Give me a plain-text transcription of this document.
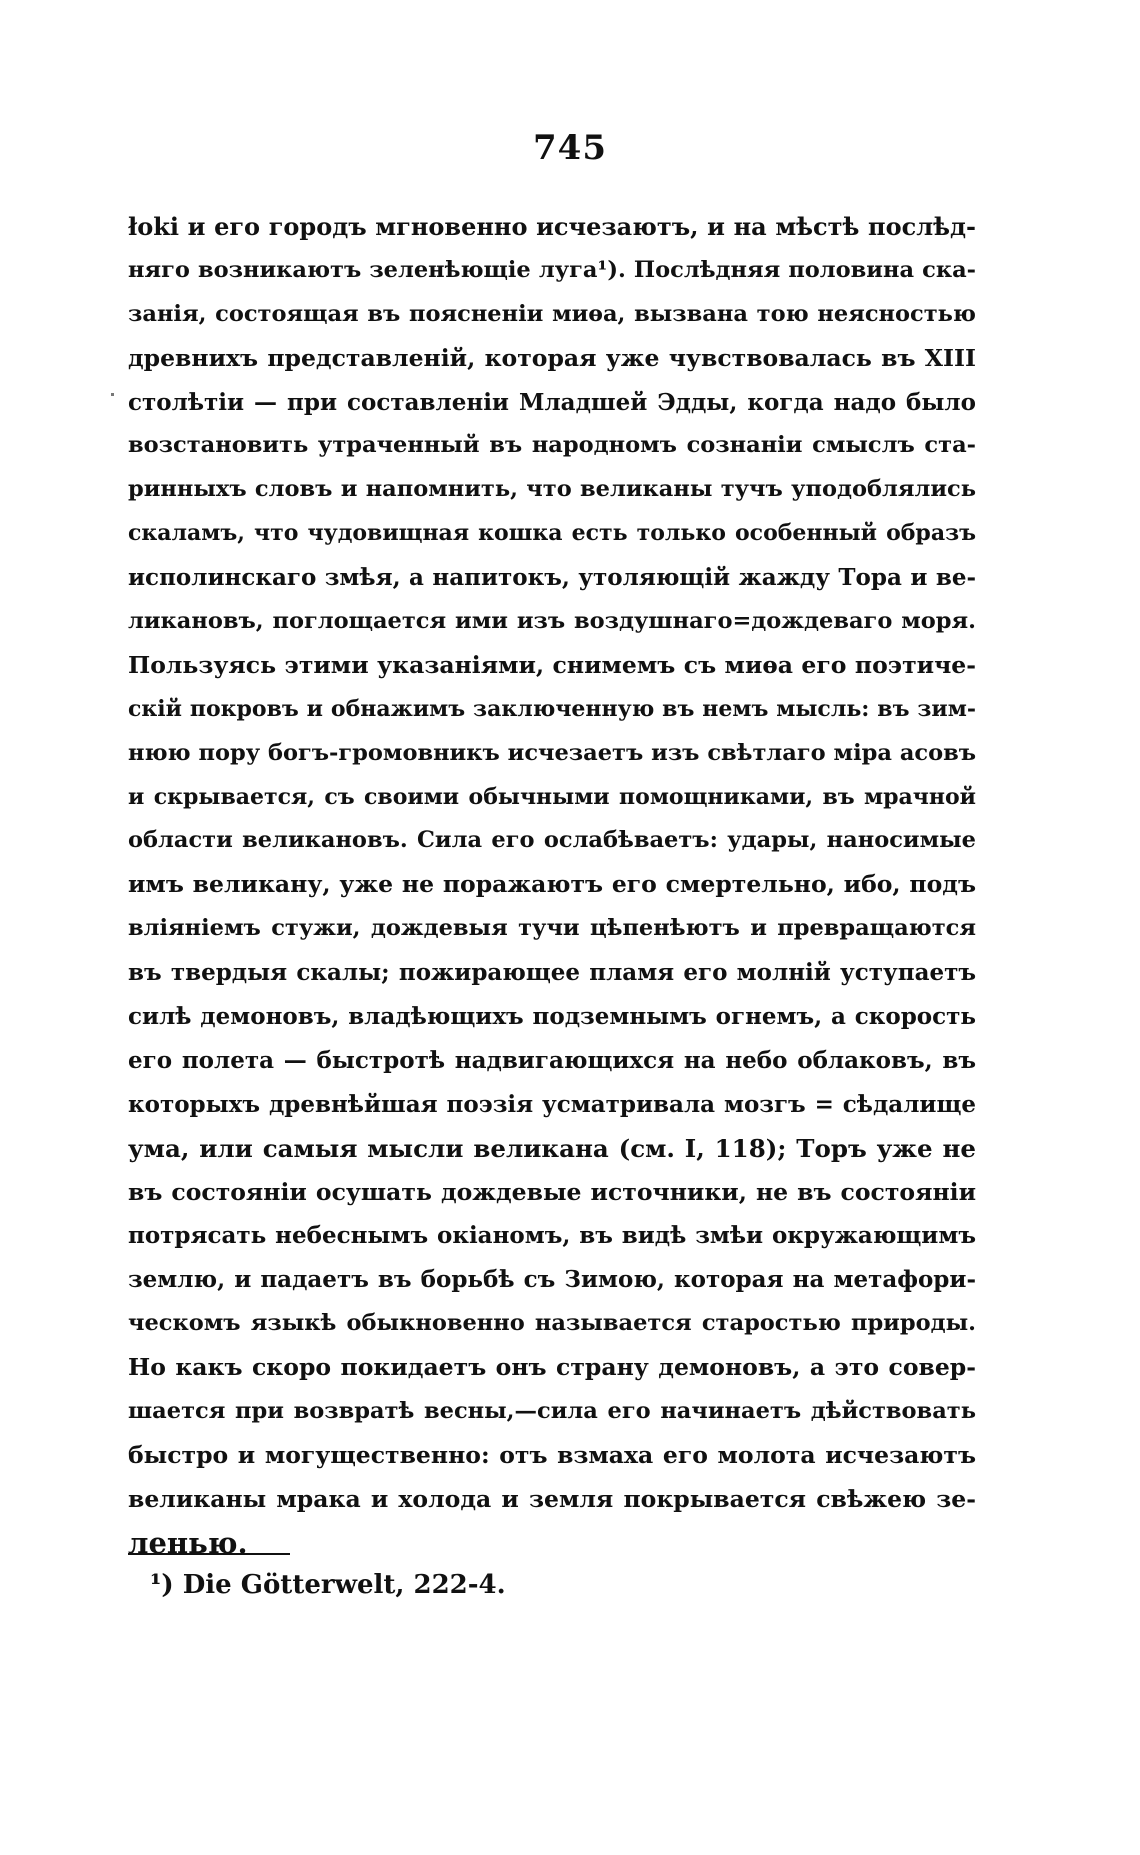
745
łoki и его городъ мгновенно исчезаютъ, и на мѣстѣ послѣд-
няго возникаютъ зеленѣющіе луга¹). Послѣдняя половина ска-
занія, состоящая въ поясненіи миѳа, вызвана тою неясностью
древнихъ представленій, которая уже чувствовалась въ XIII
столѣтіи — при составленіи Младшей Эдды, когда надо было
возстановить утраченный въ народномъ сознаніи смыслъ ста-
ринныхъ словъ и напомнить, что великаны тучъ уподоблялись
скаламъ, что чудовищная кошка есть только особенный образъ
исполинскаго змѣя, а напитокъ, утоляющій жажду Тора и ве-
ликановъ, поглощается ими изъ воздушнаго=дождеваго моря.
Пользуясь этими указаніями, снимемъ съ миѳа его поэтиче-
скій покровъ и обнажимъ заключенную въ немъ мысль: въ зим-
нюю пору богъ-громовникъ исчезаетъ изъ свѣтлаго міра асовъ
и скрывается, съ своими обычными помощниками, въ мрачной
области великановъ. Сила его ослабѣваетъ: удары, наносимые
имъ великану, уже не поражаютъ его смертельно, ибо, подъ
вліяніемъ стужи, дождевыя тучи цѣпенѣютъ и превращаются
въ твердыя скалы; пожирающее пламя его молній уступаетъ
силѣ демоновъ, владѣющихъ подземнымъ огнемъ, а скорость
его полета — быстротѣ надвигающихся на небо облаковъ, въ
которыхъ древнѣйшая поэзія усматривала мозгъ = сѣдалище
ума, или самыя мысли великана (см. I, 118); Торъ уже не
въ состояніи осушать дождевые источники, не въ состояніи
потрясать небеснымъ окіаномъ, въ видѣ змѣи окружающимъ
землю, и падаетъ въ борьбѣ съ Зимою, которая на метафори-
ческомъ языкѣ обыкновенно называется старостью природы.
Но какъ скоро покидаетъ онъ страну демоновъ, а это совер-
шается при возвратѣ весны,—сила его начинаетъ дѣйствовать
быстро и могущественно: отъ взмаха его молота исчезаютъ
великаны мрака и холода и земля покрывается свѣжею зе-
ленью.
¹) Die Götterwelt, 222-4.
